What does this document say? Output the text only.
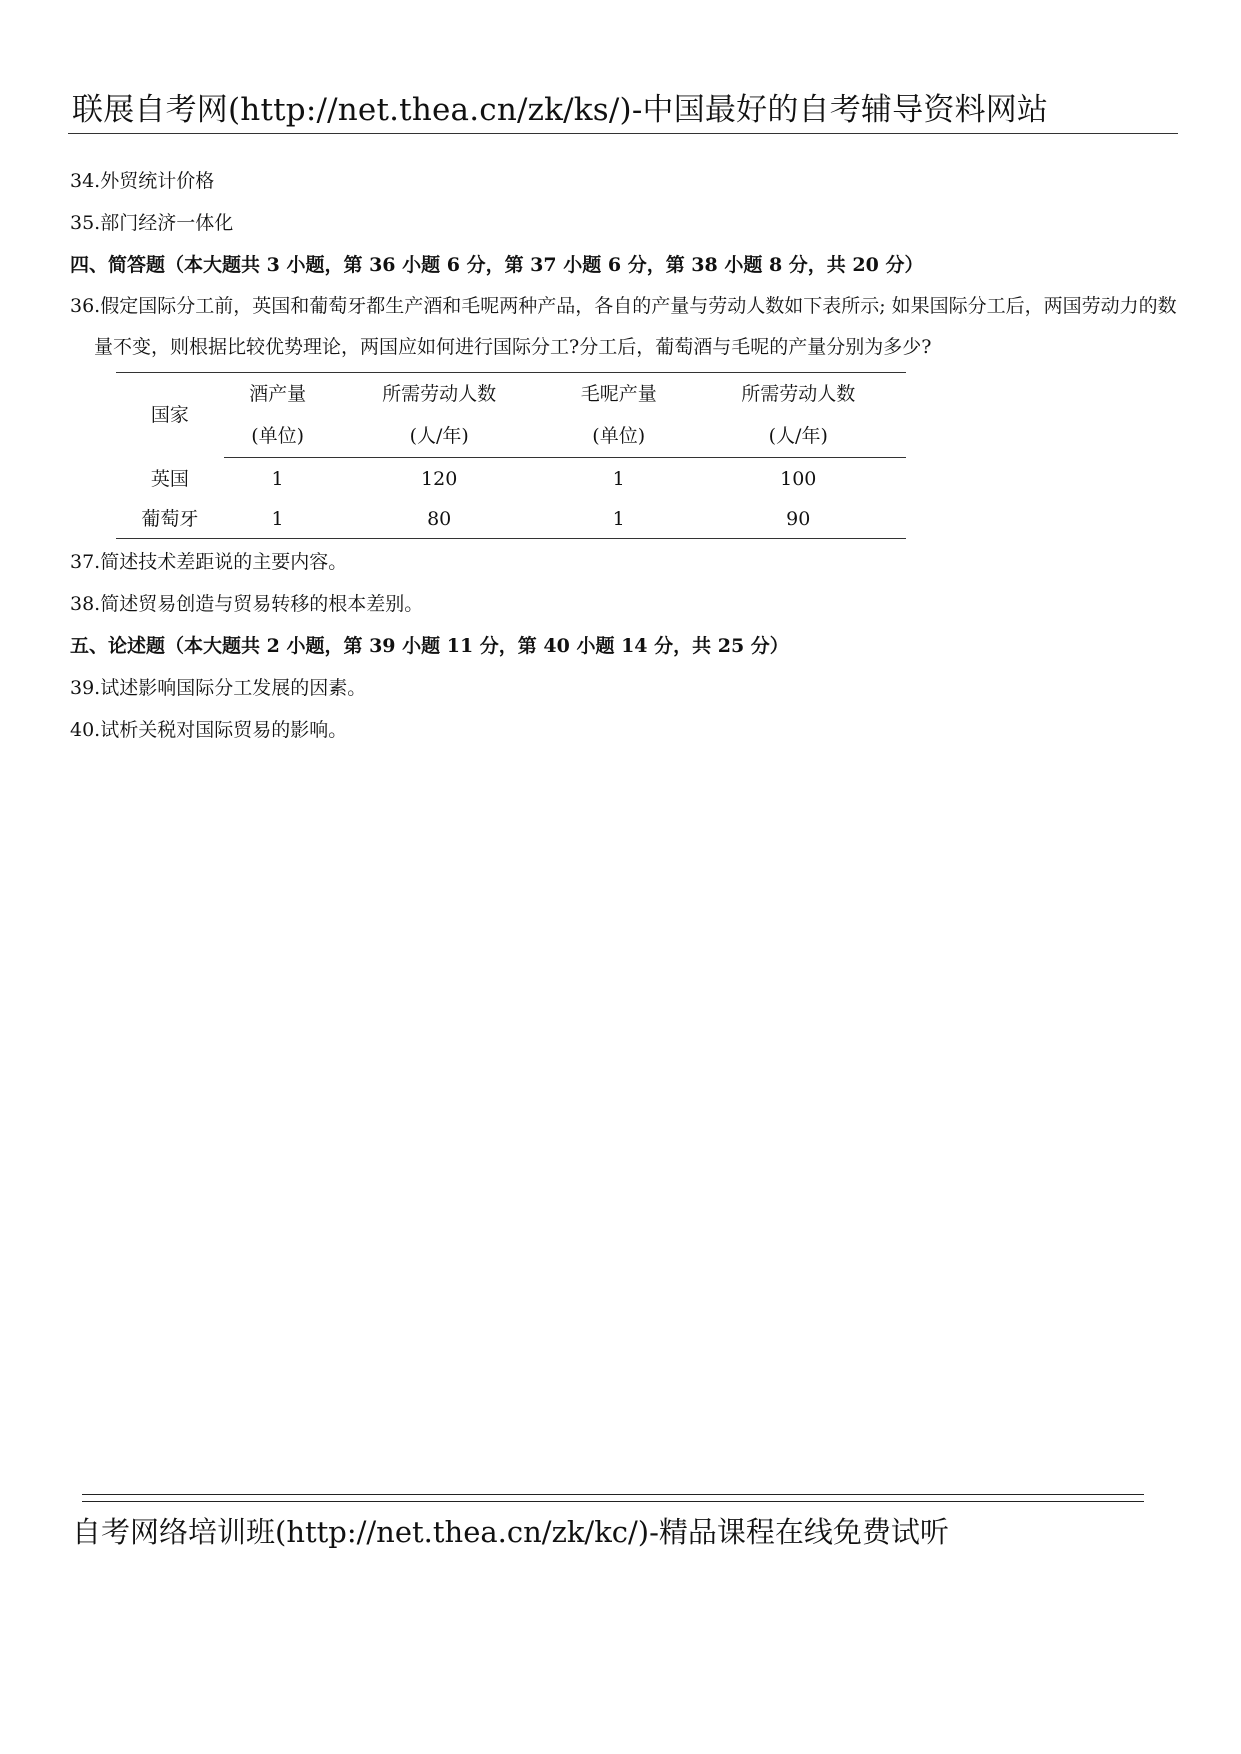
联展自考网(http://net.thea.cn/zk/ks/)-中国最好的自考辅导资料网站
34.外贸统计价格
35.部门经济一体化
四、简答题（本大题共 3 小题，第 36 小题 6 分，第 37 小题 6 分，第 38 小题 8 分，共 20 分）
36.假定国际分工前，英国和葡萄牙都生产酒和毛呢两种产品，各自的产量与劳动人数如下表所示; 如果国际分工后，两国劳动力的数量不变，则根据比较优势理论，两国应如何进行国际分工?分工后，葡萄酒与毛呢的产量分别为多少?
国家	酒产量	所需劳动人数	毛呢产量	所需劳动人数
	(单位)	(人/年)	(单位)	(人/年)
英国	1	120	1	100
葡萄牙	1	80	1	90
37.简述技术差距说的主要内容。
38.简述贸易创造与贸易转移的根本差别。
五、论述题（本大题共 2 小题，第 39 小题 11 分，第 40 小题 14 分，共 25 分）
39.试述影响国际分工发展的因素。
40.试析关税对国际贸易的影响。
自考网络培训班(http://net.thea.cn/zk/kc/)-精品课程在线免费试听
